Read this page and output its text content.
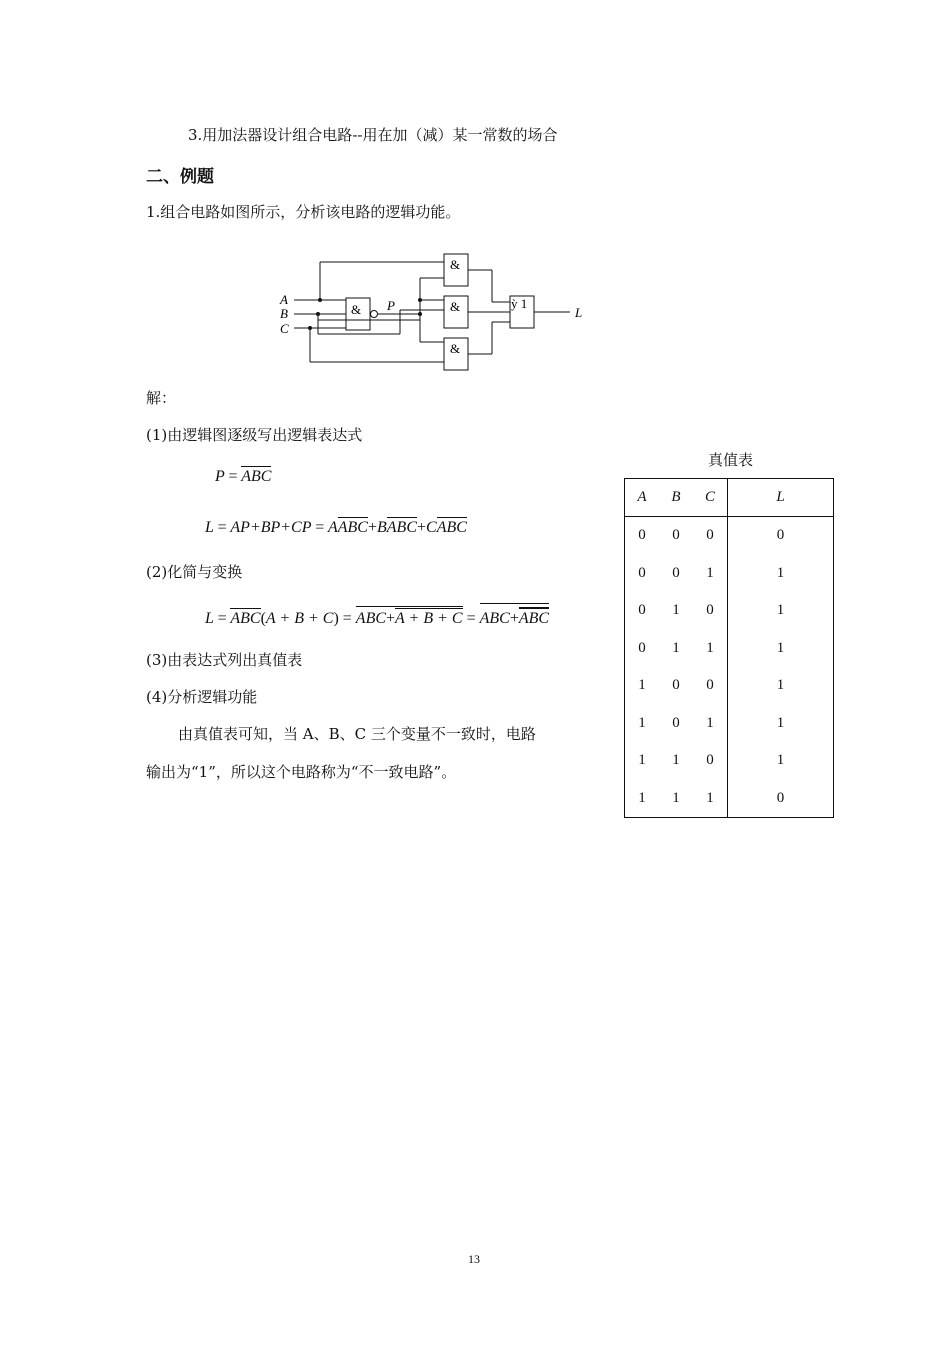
3.用加法器设计组合电路--用在加（减）某一常数的场合
二、例题
1.组合电路如图所示，分析该电路的逻辑功能。
A
B
C
& P
&
&
&
ỳ 1
L
解：
(1)由逻辑图逐级写出逻辑表达式
P = ABC
L = AP+BP+CP = AABC+BABC+CABC
(2)化简与变换
L = ABC(A + B + C) = ABC+A + B + C = ABC+ABC
(3)由表达式列出真值表
(4)分析逻辑功能
由真值表可知，当 A、B、C 三个变量不一致时，电路
输出为“1”，所以这个电路称为“不一致电路”。
真值表
A	B	C	L
0	0	0	0
0	0	1	1
0	1	0	1
0	1	1	1
1	0	0	1
1	0	1	1
1	1	0	1
1	1	1	0
13
